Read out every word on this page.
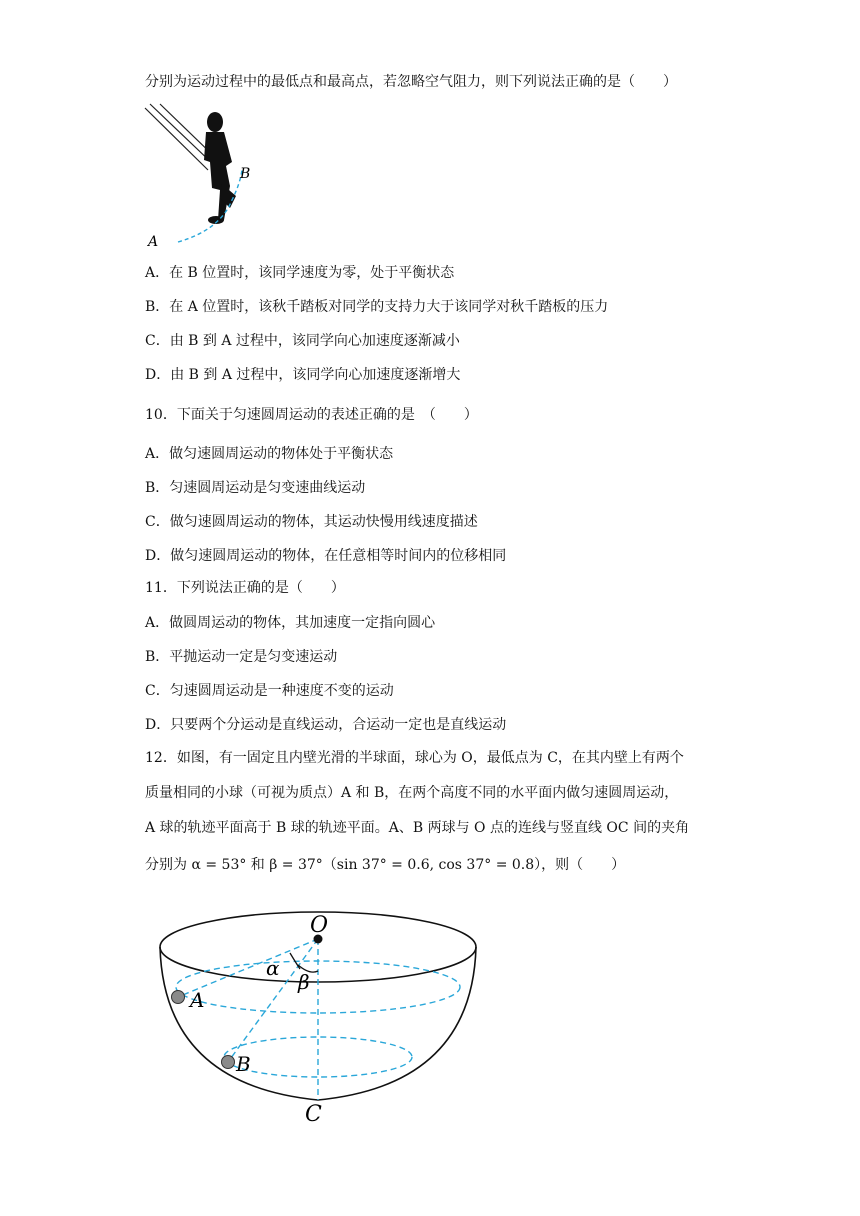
分别为运动过程中的最低点和最高点，若忽略空气阻力，则下列说法正确的是（　　）
B
A
A．在 B 位置时，该同学速度为零，处于平衡状态
B．在 A 位置时，该秋千踏板对同学的支持力大于该同学对秋千踏板的压力
C．由 B 到 A 过程中，该同学向心加速度逐渐减小
D．由 B 到 A 过程中，该同学向心加速度逐渐增大
10．下面关于匀速圆周运动的表述正确的是　（　　）
A．做匀速圆周运动的物体处于平衡状态
B．匀速圆周运动是匀变速曲线运动
C．做匀速圆周运动的物体，其运动快慢用线速度描述
D．做匀速圆周运动的物体，在任意相等时间内的位移相同
11．下列说法正确的是（　　）
A．做圆周运动的物体，其加速度一定指向圆心
B．平抛运动一定是匀变速运动
C．匀速圆周运动是一种速度不变的运动
D．只要两个分运动是直线运动，合运动一定也是直线运动
12．如图，有一固定且内壁光滑的半球面，球心为 O，最低点为 C，在其内壁上有两个
质量相同的小球（可视为质点）A 和 B，在两个高度不同的水平面内做匀速圆周运动，
A 球的轨迹平面高于 B 球的轨迹平面。A、B 两球与 O 点的连线与竖直线 OC 间的夹角
分别为 α = 53° 和 β = 37°（sin 37° = 0.6, cos 37° = 0.8），则（　　）
O
A
B
C
α
β
